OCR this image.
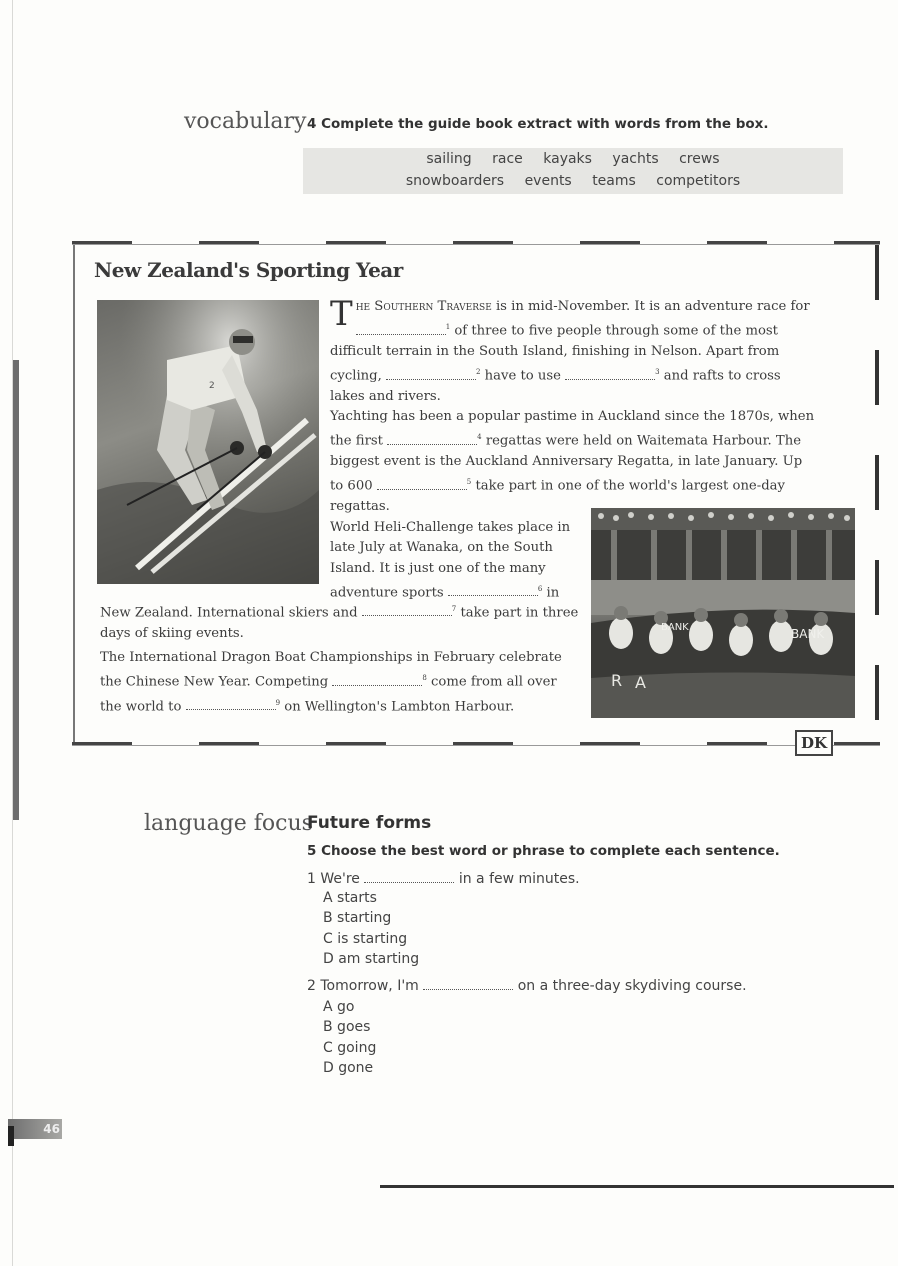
vocabulary 4 Complete the guide book extract with words from the box.
sailing race kayaks yachts crews
snowboarders events teams competitors
New Zealand's Sporting Year
2

The Southern Traverse is in mid-November. It is an adventure race for $^1$ of three to five people through some of the most difficult terrain in the South Island, finishing in Nelson. Apart from cycling,	$^2$ have to use	$^3$ and rafts to cross lakes and rivers.

Yachting has been a popular pastime in Auckland since the 1870s, when the first	$^4$ regattas were held on Waitemata Harbour. The biggest event is the Auckland Anniversary Regatta, in late January. Up to 600	$^5$ take part in one of the world's largest one-day regattas.

BANK	BANK
R A

World Heli-Challenge takes place in late July at Wanaka, on the South Island. It is just one of the many adventure sports	$^6$ in

New Zealand. International skiers and	$^7$ take part in three days of skiing events.

The International Dragon Boat Championships in February celebrate the Chinese New Year. Competing	$^8$ come from all over the world to	$^9$ on Wellington's Lambton Harbour.

DK
language focus
Future forms
5 Choose the best word or phrase to complete each sentence.
1 We're	in a few minutes.
A starts
B starting
C is starting
D am starting
2 Tomorrow, I'm	on a three-day skydiving course.
A go
B goes
C going
D gone
46
